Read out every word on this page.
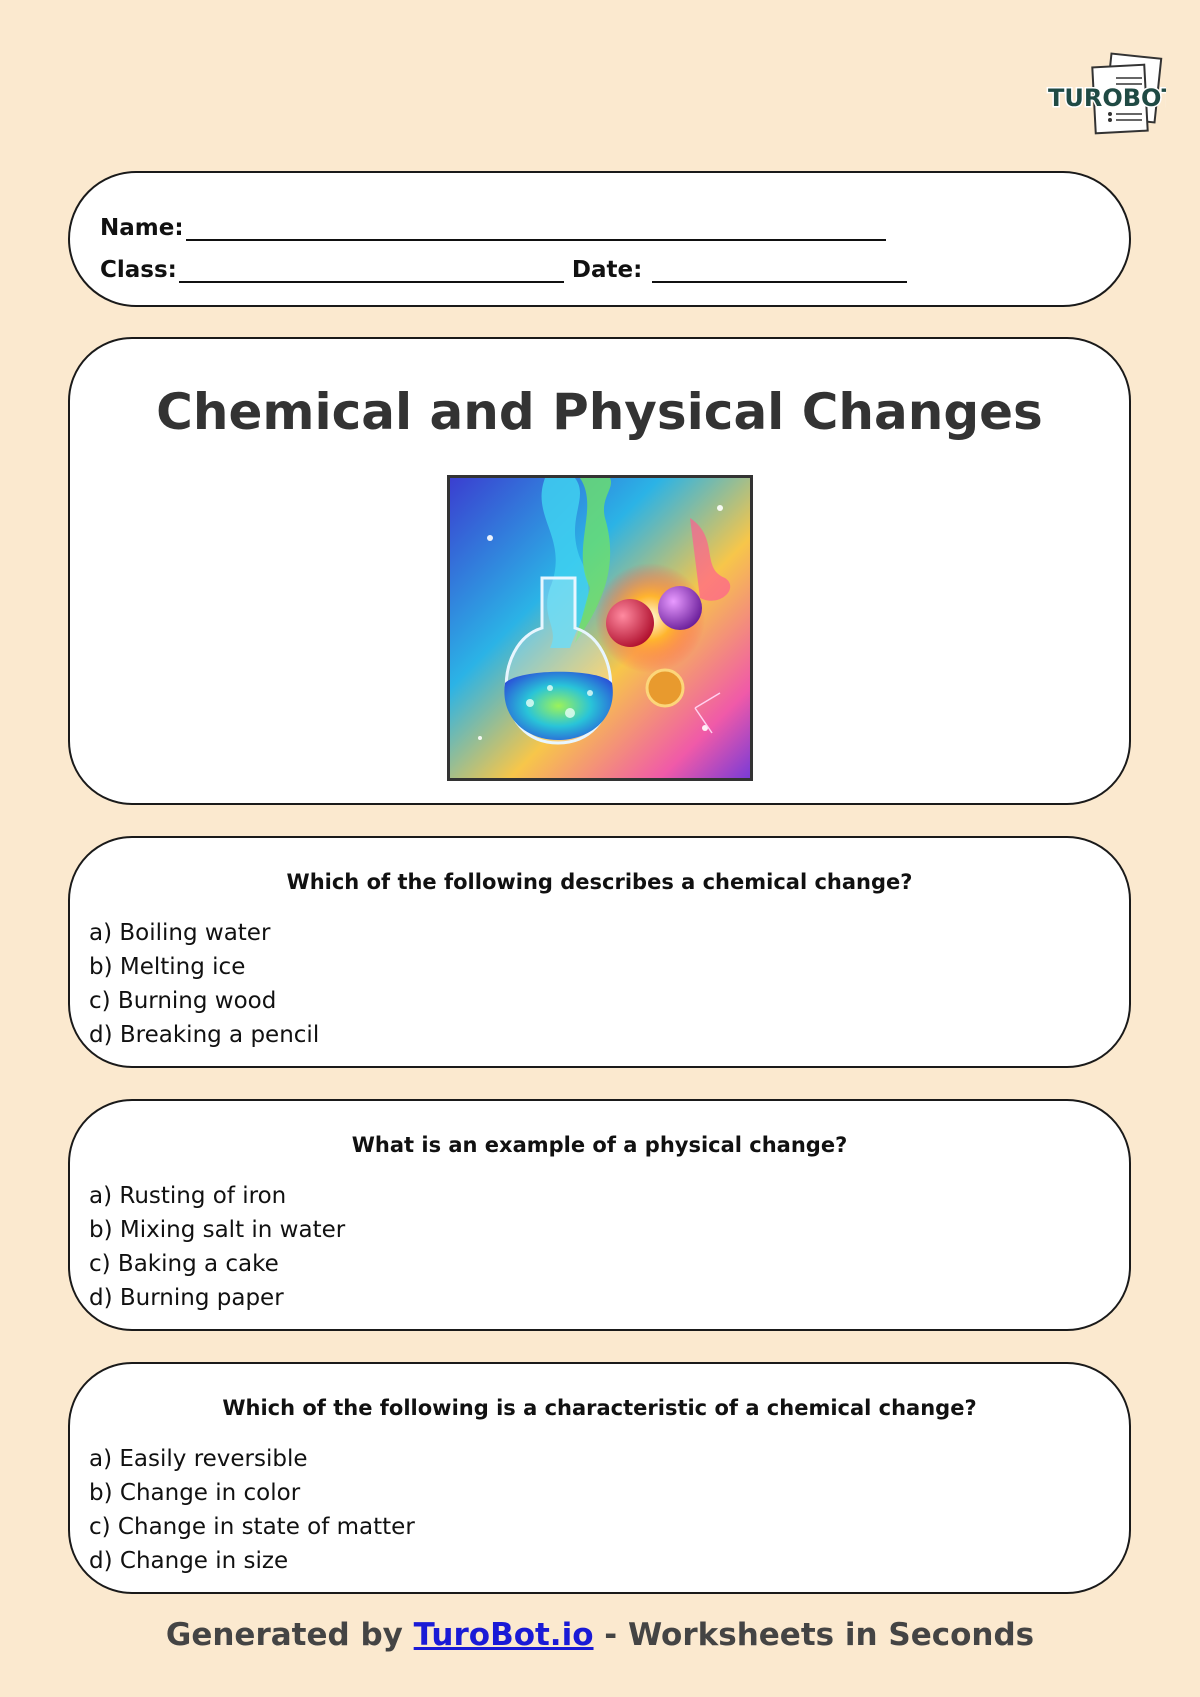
TUROBOT
Name:
Class:	Date:
Chemical and Physical Changes
Which of the following describes a chemical change?
a) Boiling water
b) Melting ice
c) Burning wood
d) Breaking a pencil
What is an example of a physical change?
a) Rusting of iron
b) Mixing salt in water
c) Baking a cake
d) Burning paper
Which of the following is a characteristic of a chemical change?
a) Easily reversible
b) Change in color
c) Change in state of matter
d) Change in size
Generated by TuroBot.io - Worksheets in Seconds
